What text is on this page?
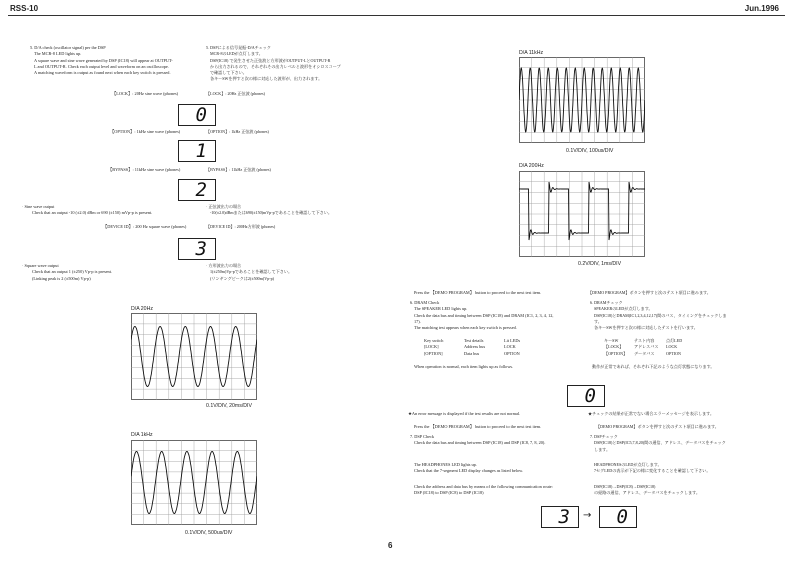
RSS-10	Jun.1996
5. D/A check (oscillator signal) per the DSP
The MCR-8 LED lights up.
A square wave and sine wave generated by DSP (IC18) will appear at OUTPUT-
L and OUTPUT-R. Check each output level and waveform on an oscilloscope.
A matching waveform is output as found next when each key switch is pressed.
5. DSPによる信号発振-D/Aチェック
MCR-8のLEDが点灯します。
DSP(IC18) で発生させた正弦波と方形波がOUTPUT-LとOUTPUT-R
から出力されるので、それぞれその出力レベルと波形をオシロスコープ
で確認して下さい。
各キーSWを押すと次の様に対応した波形が、出力されます。
【LOCK】: 20Hz sine wave (phones)	【LOCK】: 20Hz 正弦波 (phones)
0
【OPTION】: 1kHz sine wave (phones)	【OPTION】: 1kHz 正弦波 (phones)
1
【BYPASS】: 11kHz sine wave (phones)	【BYPASS】: 11kHz 正弦波 (phones)
2
· Sine wave output
Check that an output -10 (±2.0) dBm or 690 (±150) mVp-p is present.
· 正弦波出力の場合
-10(±2.0)dBmまたは690(±150)mVp-pであることを確認して下さい。
【DEVICE ID】: 200 Hz square wave (phones)	【DEVICE ID】: 200Hz方形波 (phones)
3
· Square wave output
Check that an output 1 (±250) Vp-p is present.
(Linking peak is 2 (±500m) Vp-p)
· 方形波出力の場合
1(±250m)Vp-pであることを確認して下さい。
(リンギングピークは2(±500m)Vp-p)
D/A 20Hz
0.1V/DIV, 20ms/DIV
D/A 1kHz
0.1V/DIV, 500us/DIV
6
D/A 11kHz
0.1V/DIV, 100us/DIV
D/A 200Hz
0.2V/DIV, 1ms/DIV
Press the 【DEMO PROGRAM】 button to proceed to the next test item.	【DEMO PROGRAM】ボタンを押すと次のテスト項目に進みます。
6. DRAM Check
The SPEAKER LED lights up.
Check the data bus and timing between DSP (IC18) and DRAM (IC1, 2, 3, 4, 12,
17).
The matching test appears when each key switch is pressed.
Key switch	Test details	Lit LEDs
[LOCK]	Address bus	LOCK
[OPTION]	Data bus	OPTION
When operation is normal, each item lights up as follows.
6. DRAMチェック
SPEAKERのLEDが点灯します。
DSP(IC18)とDRAM(IC1,2,3,4,12,17)間のバス、タイミングをチェックしま
す。
各キーSWを押すと次の様に対応したテストを行います。
キーSW	テスト内容	点灯LED
【LOCK】	アドレスバス LOCK
【OPTION】 データバス	OPTION
動作が正常であれば、それぞれ下記のような点灯状態になります。
0
★An error message is displayed if the test results are not normal.	★チェックの結果が正常でない場合エラーメッセージを表示します。
Press the 【DEMO PROGRAM】 button to proceed to the next test item.	【DEMO PROGRAM】ボタンを押すと次のテスト項目に進みます。
7. DSP Check
Check the data bus and timing between DSP (IC18) and DSP (IC8, 7, 8, 20).
The HEADPHONES LED lights up.
Check that the 7-segment LED display changes as listed below.
Check the address and data bus by means of the following communication route:
DSP (IC18) to DSP (IC8) to DSP (IC18)
7. DSPチェック
DSP(IC18)とDSP(IC5,7,8,20)間の通信、アドレス、データバスをチェック
します。
HEADPHONESのLEDが点灯します。
7セグLEDの表示が下記の様に変化することを確認して下さい。
DSP(IC18)→DSP(IC8)→DSP(IC18)
の経路の通信、アドレス、データバスをチェックします。
3 → 0
